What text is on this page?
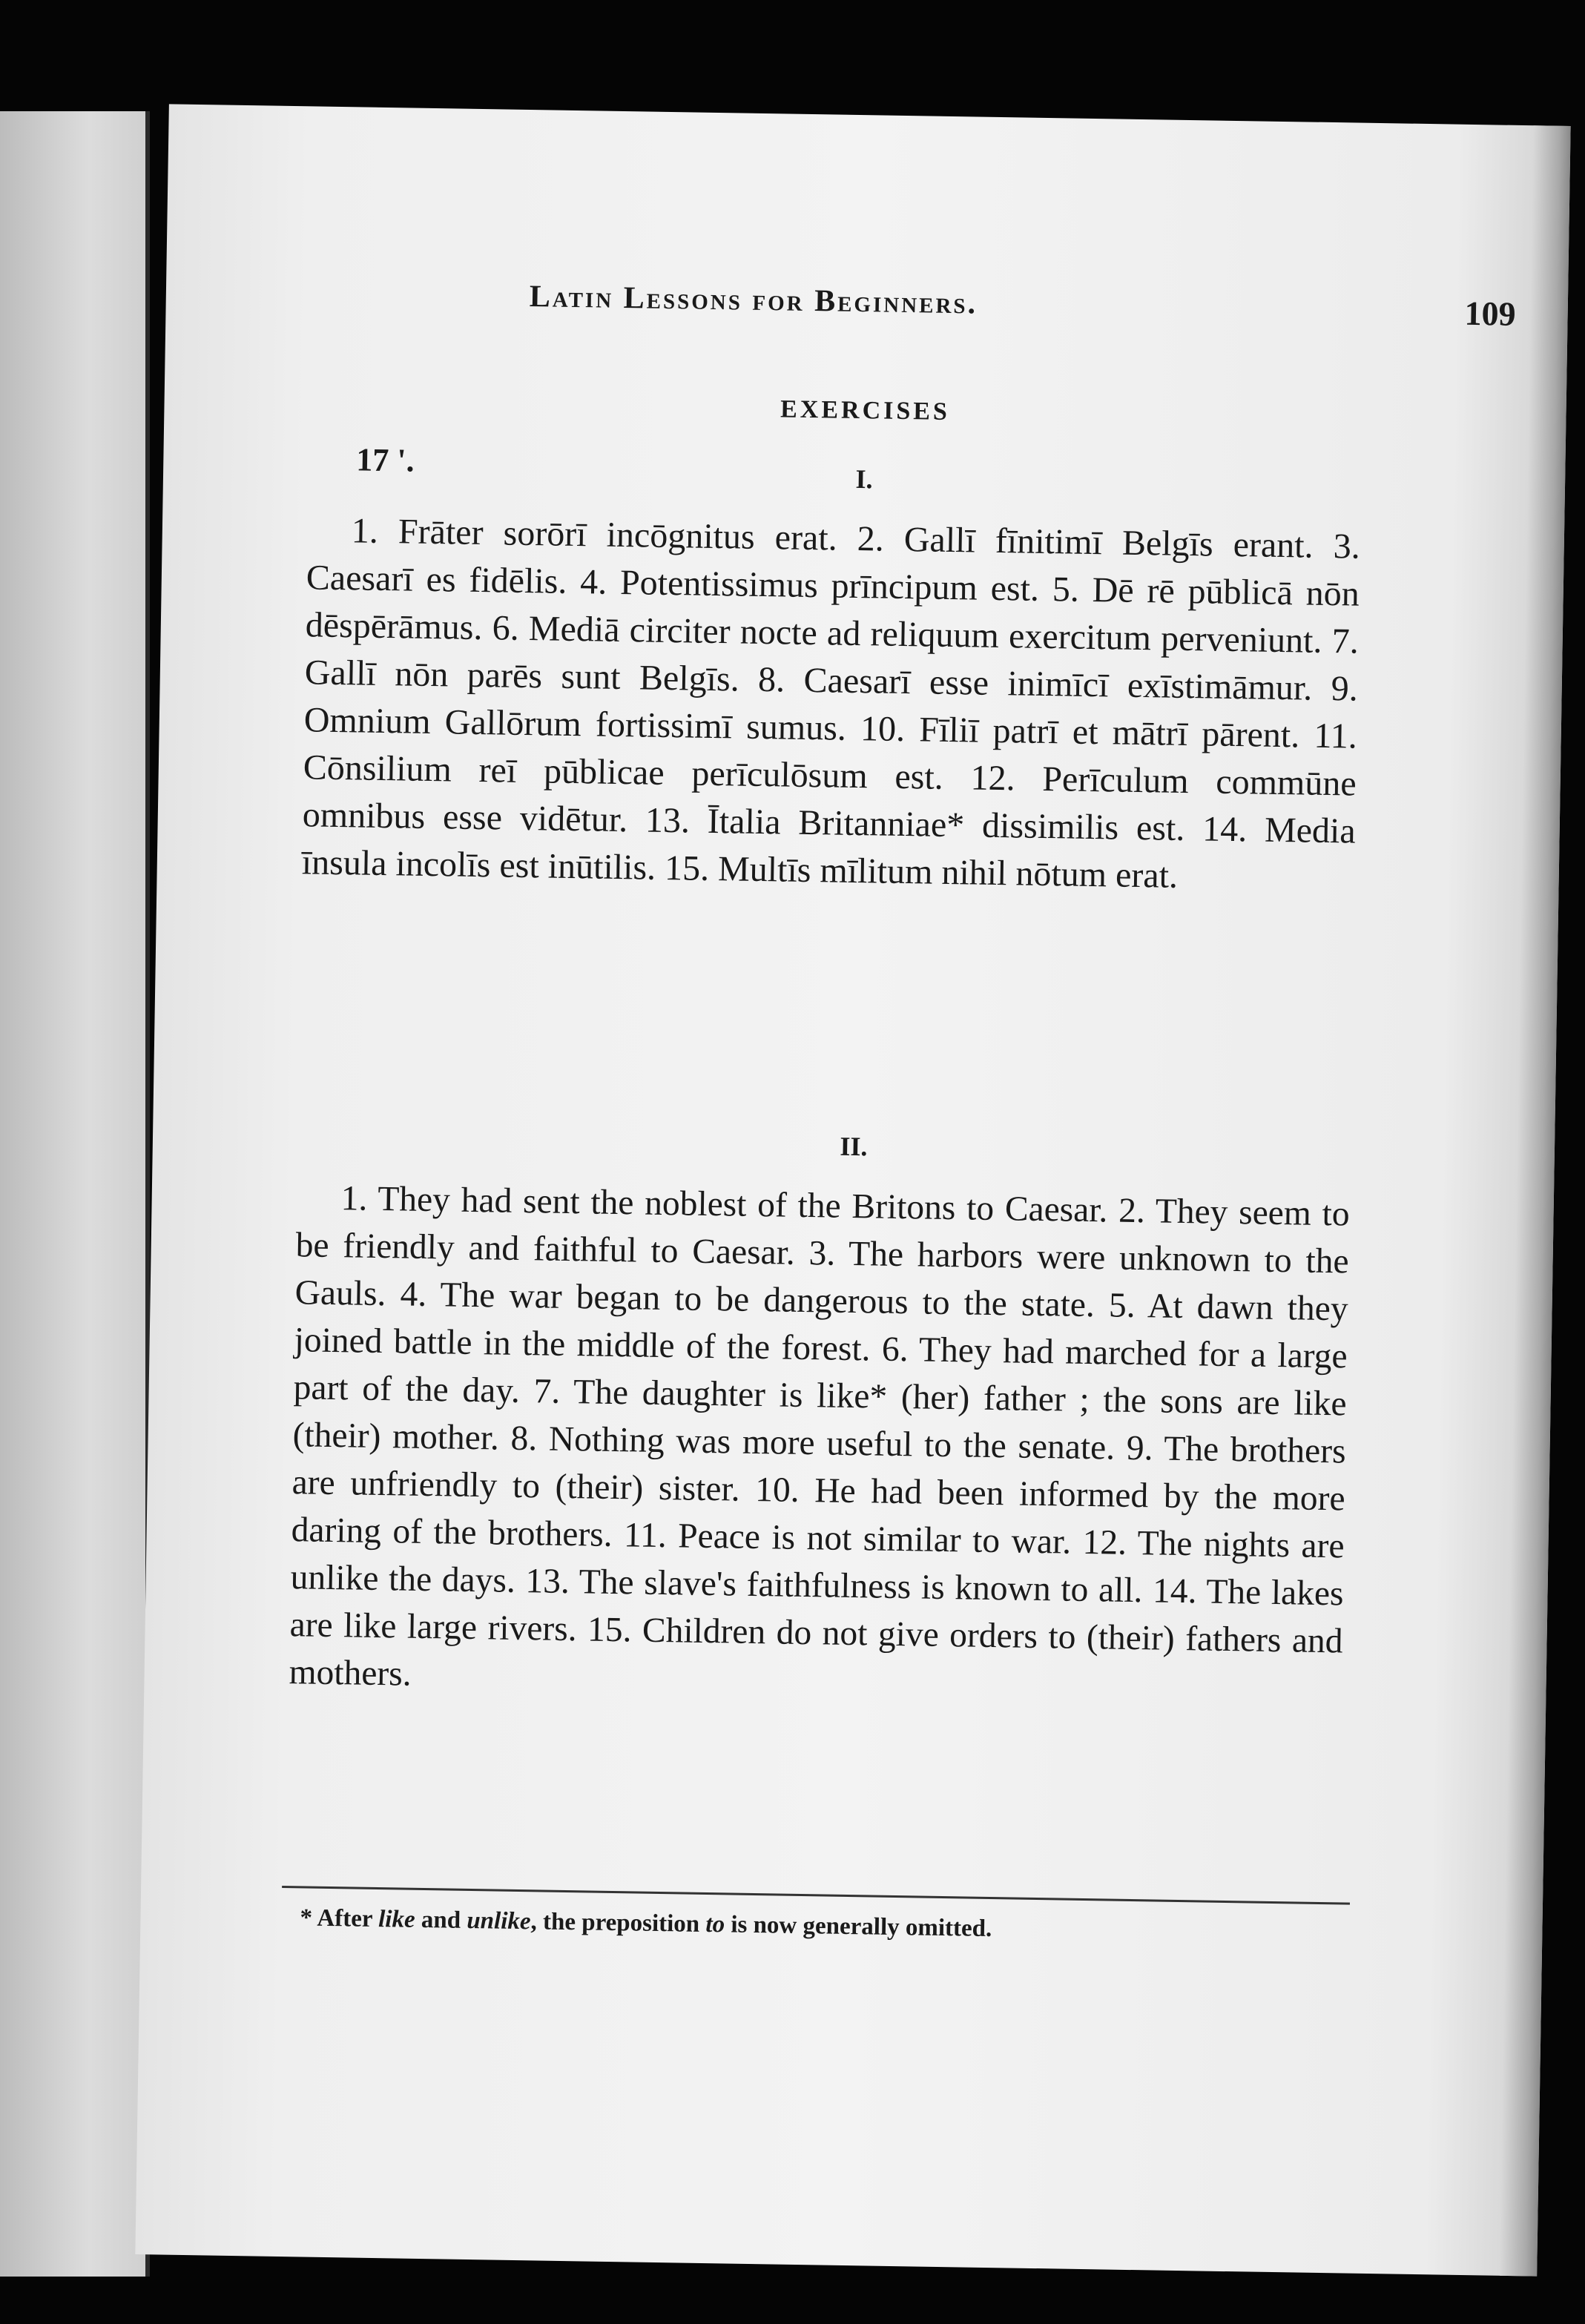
Latin Lessons for Beginners.	109
EXERCISES
17 '.
I.

1. Frāter sorōrī incōgnitus erat. 2. Gallī fīnitimī Belgīs erant. 3. Caesarī es fidēlis. 4. Potentissimus prīncipum est. 5. Dē rē pūblicā nōn dēspērāmus. 6. Mediā circiter nocte ad reliquum exercitum perveniunt. 7. Gallī nōn parēs sunt Belgīs. 8. Caesarī esse inimīcī exīstimāmur. 9. Omnium Gallōrum fortissimī sumus. 10. Fīliī patrī et mātrī pārent. 11. Cōnsilium reī pūblicae perīculōsum est. 12. Perīculum commūne omnibus esse vidētur. 13. Ītalia Britanniae* dissimilis est. 14. Media īnsula incolīs est inūtilis. 15. Multīs mīlitum nihil nōtum erat.

II.

1. They had sent the noblest of the Britons to Caesar. 2. They seem to be friendly and faithful to Caesar. 3. The harbors were unknown to the Gauls. 4. The war began to be dangerous to the state. 5. At dawn they joined battle in the middle of the forest. 6. They had marched for a large part of the day. 7. The daughter is like* (her) father ; the sons are like (their) mother. 8. Nothing was more useful to the senate. 9. The brothers are unfriendly to (their) sister. 10. He had been informed by the more daring of the brothers. 11. Peace is not similar to war. 12. The nights are unlike the days. 13. The slave's faithfulness is known to all. 14. The lakes are like large rivers. 15. Children do not give orders to (their) fathers and mothers.

* After like and unlike, the preposition to is now generally omitted.
